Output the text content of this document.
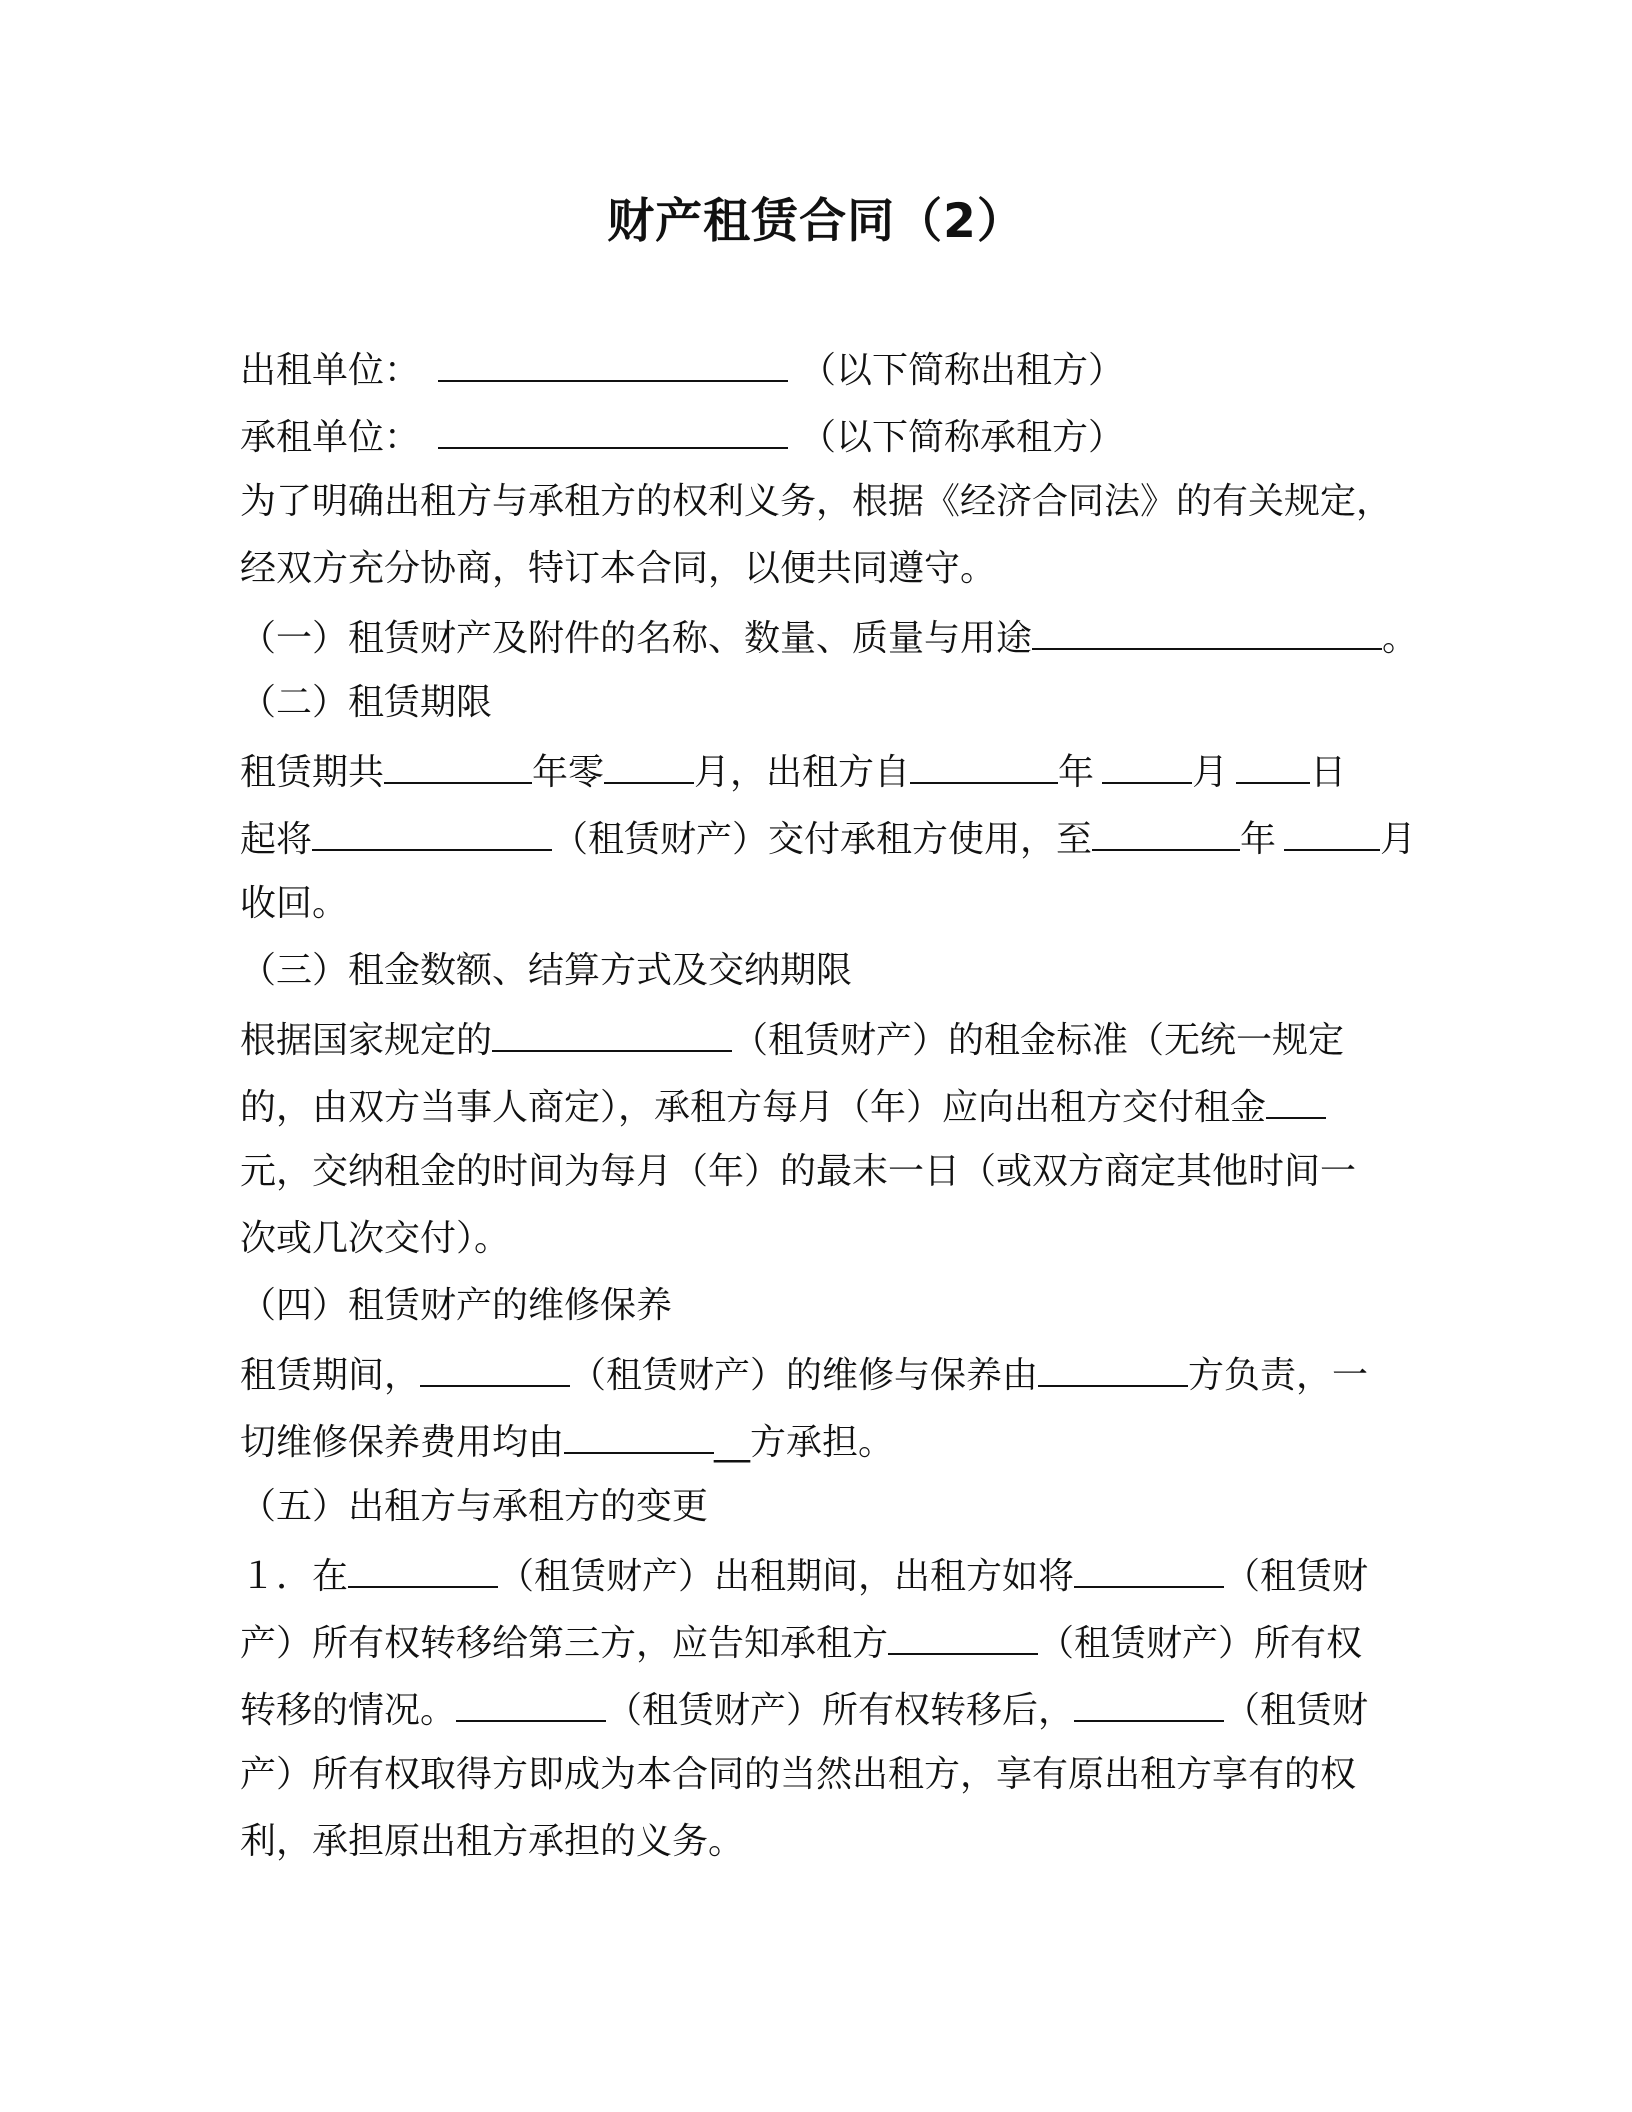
财产租赁合同（2）
出租单位：	（以下简称出租方）
承租单位：	（以下简称承租方）
为了明确出租方与承租方的权利义务，根据《经济合同法》的有关规定，
经双方充分协商，特订本合同，以便共同遵守。
（一）租赁财产及附件的名称、数量、质量与用途	。
（二）租赁期限
租赁期共	年零	月，出租方自	年	月 日
起将	（租赁财产）交付承租方使用，至	年	月
收回。
（三）租金数额、结算方式及交纳期限
根据国家规定的	（租赁财产）的租金标准（无统一规定
的，由双方当事人商定），承租方每月（年）应向出租方交付租金
元，交纳租金的时间为每月（年）的最末一日（或双方商定其他时间一
次或几次交付）。
（四）租赁财产的维修保养
租赁期间，	（租赁财产）的维修与保养由	方负责，一
切维修保养费用均由	__方承担。
（五）出租方与承租方的变更
１．在	（租赁财产）出租期间，出租方如将	（租赁财
产）所有权转移给第三方，应告知承租方	（租赁财产）所有权
转移的情况。	（租赁财产）所有权转移后，	（租赁财
产）所有权取得方即成为本合同的当然出租方，享有原出租方享有的权
利，承担原出租方承担的义务。
